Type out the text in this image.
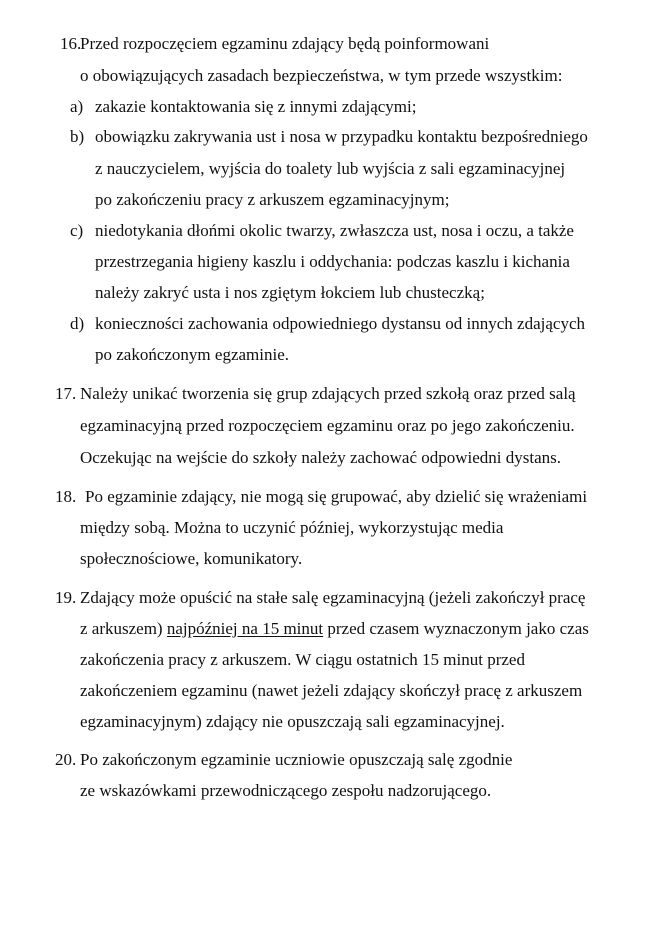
16.
Przed rozpoczęciem egzaminu zdający będą poinformowani
o obowiązujących zasadach bezpieczeństwa, w tym przede wszystkim:
a) zakazie kontaktowania się z innymi zdającymi;
b) obowiązku zakrywania ust i nosa w przypadku kontaktu bezpośredniego
z nauczycielem, wyjścia do toalety lub wyjścia z sali egzaminacyjnej
po zakończeniu pracy z arkuszem egzaminacyjnym;
c) niedotykania dłońmi okolic twarzy, zwłaszcza ust, nosa i oczu, a także
przestrzegania higieny kaszlu i oddychania: podczas kaszlu i kichania
należy zakryć usta i nos zgiętym łokciem lub chusteczką;
d) konieczności zachowania odpowiedniego dystansu od innych zdających
po zakończonym egzaminie.
17. Należy unikać tworzenia się grup zdających przed szkołą oraz przed salą
egzaminacyjną przed rozpoczęciem egzaminu oraz po jego zakończeniu.
Oczekując na wejście do szkoły należy zachować odpowiedni dystans.
18. Po egzaminie zdający, nie mogą się grupować, aby dzielić się wrażeniami
między sobą. Można to uczynić później, wykorzystując media
społecznościowe, komunikatory.
19. Zdający może opuścić na stałe salę egzaminacyjną (jeżeli zakończył pracę
z arkuszem) najpóźniej na 15 minut przed czasem wyznaczonym jako czas
zakończenia pracy z arkuszem. W ciągu ostatnich 15 minut przed
zakończeniem egzaminu (nawet jeżeli zdający skończył pracę z arkuszem
egzaminacyjnym) zdający nie opuszczają sali egzaminacyjnej.
20. Po zakończonym egzaminie uczniowie opuszczają salę zgodnie
ze wskazówkami przewodniczącego zespołu nadzorującego.
